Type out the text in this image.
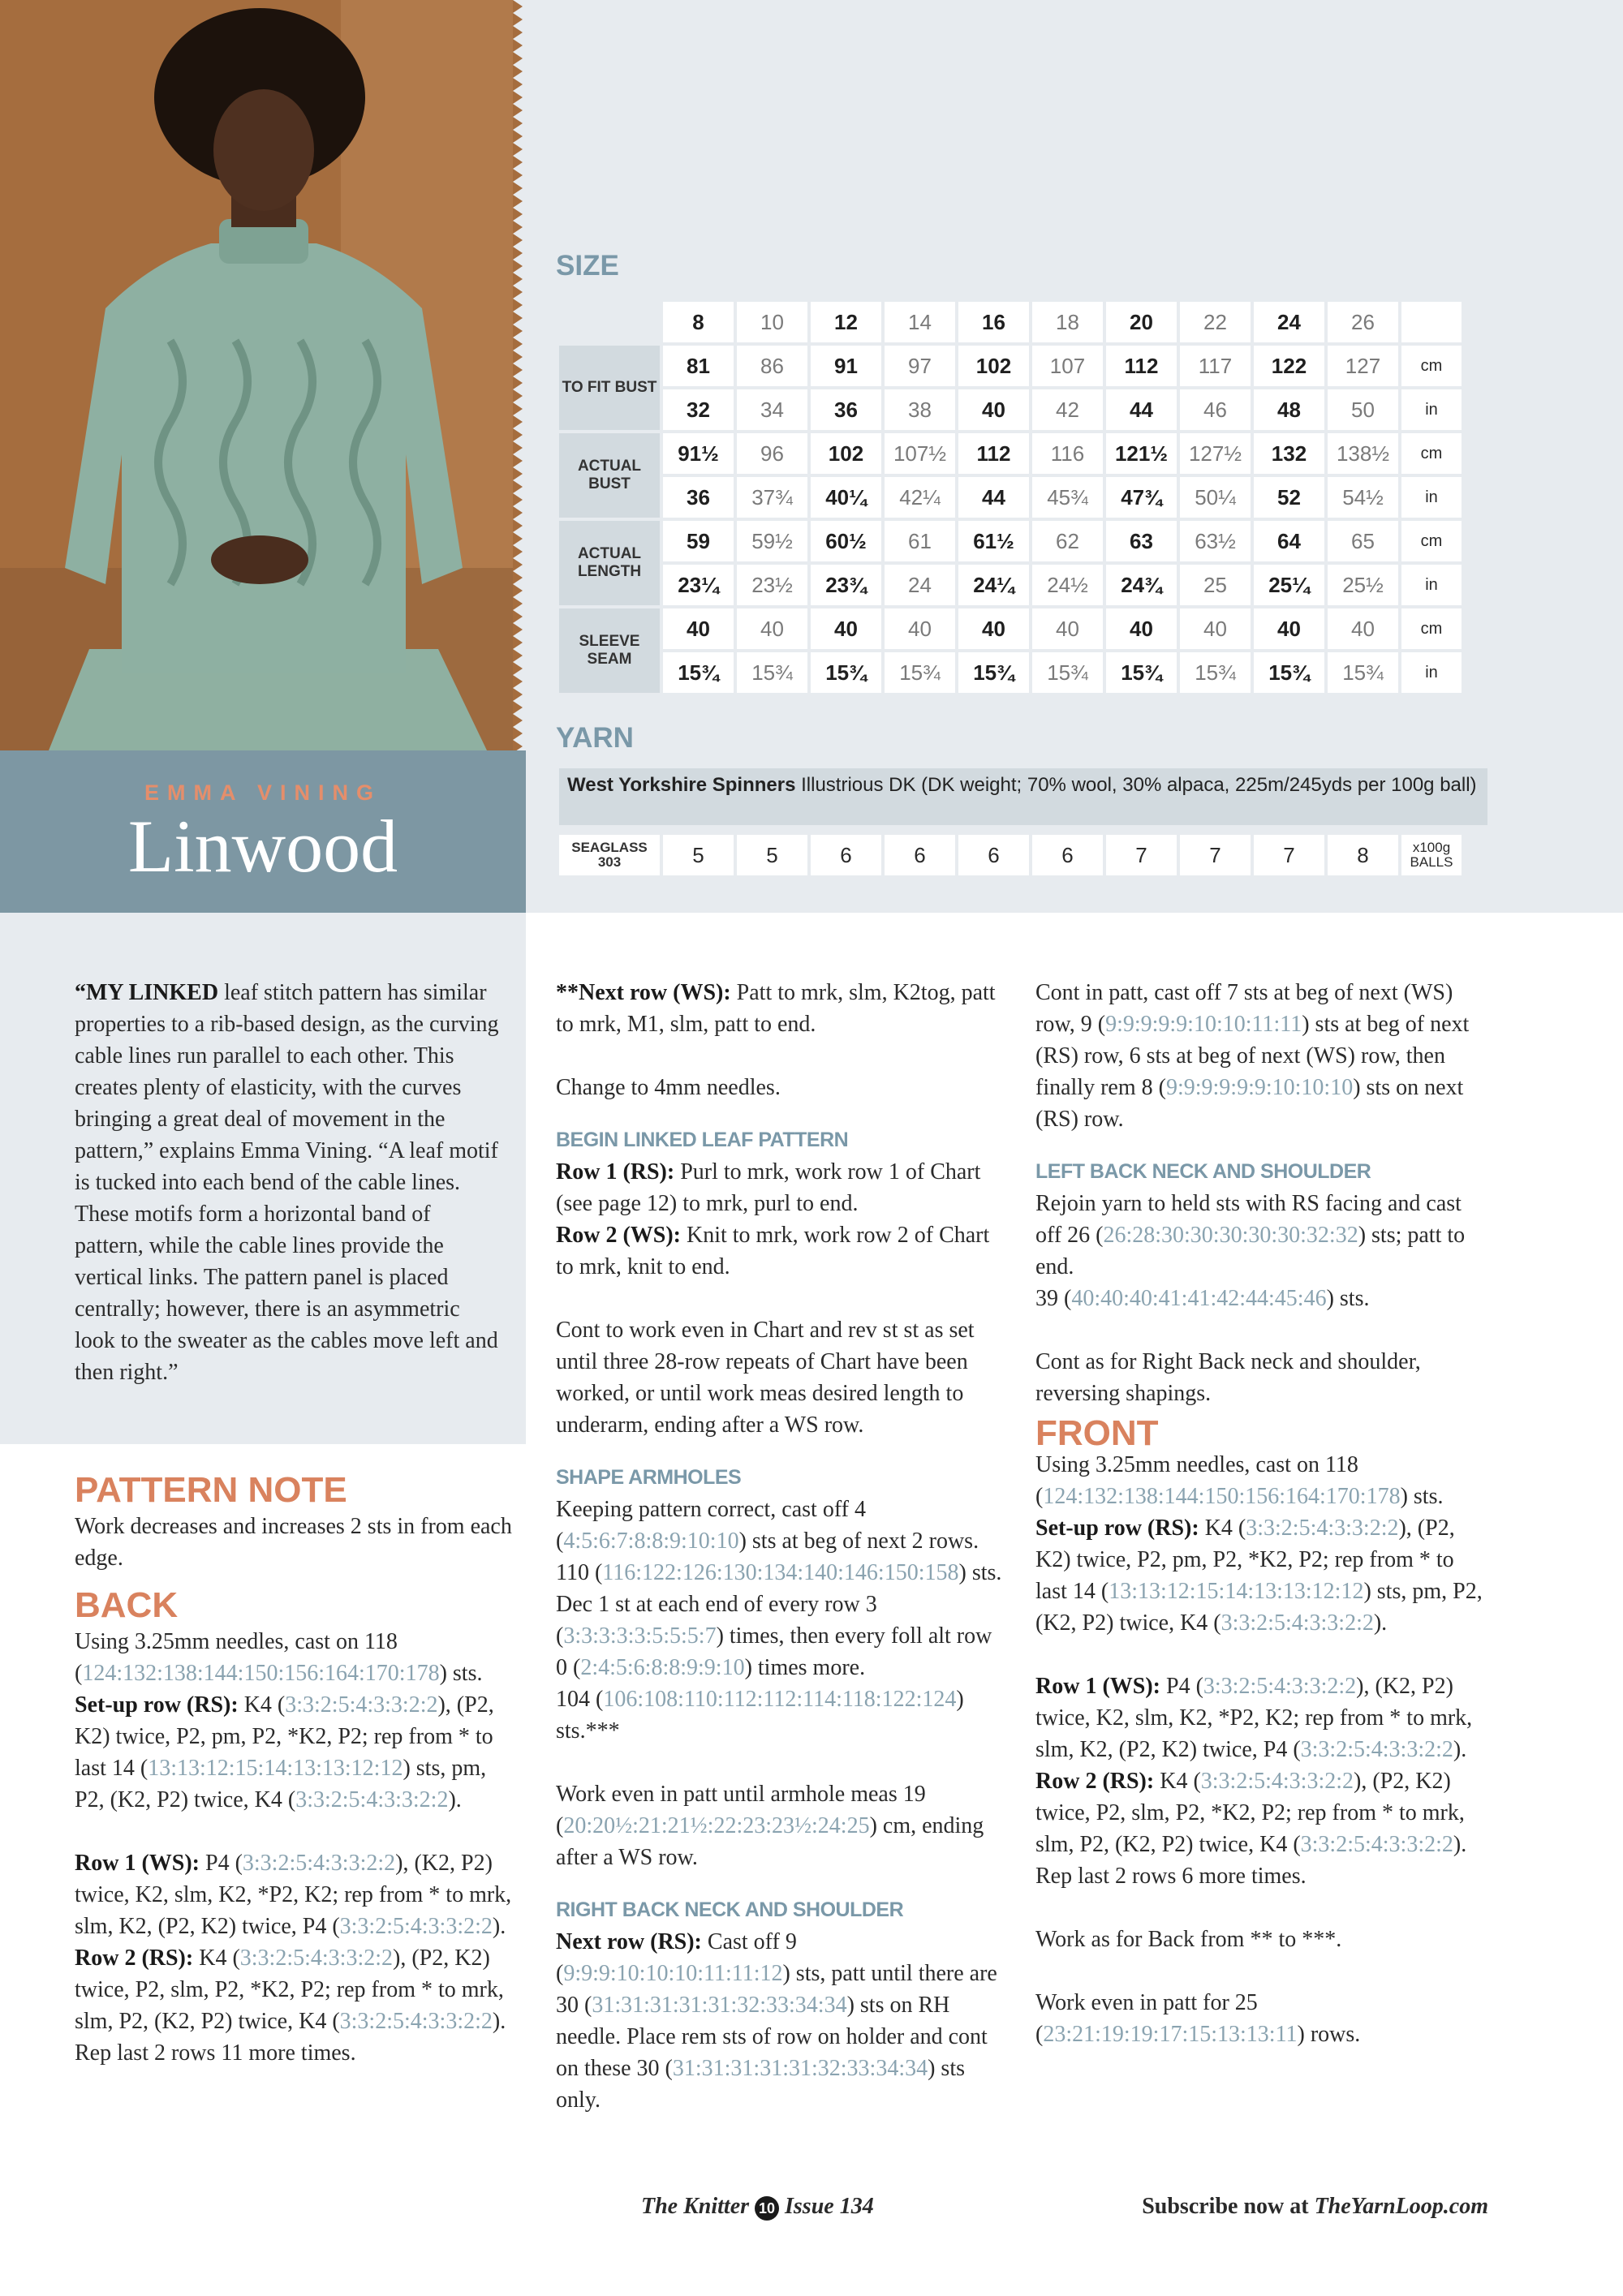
EMMA VINING
Linwood
SIZE
	8	10	12	14	16	18	20	22	24	26	
TO FIT BUST	81	86	91	97	102	107	112	117	122	127	cm
	32	34	36	38	40	42	44	46	48	50	in
ACTUAL BUST	91½	96	102	107½	112	116	121½	127½	132	138½	cm
	36	37¾	40¼	42¼	44	45¾	47¾	50¼	52	54½	in
ACTUAL LENGTH	59	59½	60½	61	61½	62	63	63½	64	65	cm
	23¼	23½	23¾	24	24¼	24½	24¾	25	25¼	25½	in
SLEEVE SEAM	40	40	40	40	40	40	40	40	40	40	cm
	15¾	15¾	15¾	15¾	15¾	15¾	15¾	15¾	15¾	15¾	in
YARN
West Yorkshire Spinners Illustrious DK (DK weight; 70% wool, 30% alpaca, 225m/245yds per 100g ball)
SEAGLASS 303	5	5	6	6	6	6	7	7	7	8	x100g BALLS
“MY LINKED leaf stitch pattern has similar properties to a rib-based design, as the curving cable lines run parallel to each other. This creates plenty of elasticity, with the curves bringing a great deal of movement in the pattern,” explains Emma Vining. “A leaf motif is tucked into each bend of the cable lines. These motifs form a horizontal band of pattern, while the cable lines provide the vertical links. The pattern panel is placed centrally; however, there is an asymmetric look to the sweater as the cables move left and then right.”
PATTERN NOTE
Work decreases and increases 2 sts in from each edge.
BACK

Using 3.25mm needles, cast on 118 (124:132:138:144:150:156:164:170:178) sts.

Set-up row (RS): K4 (3:3:2:5:4:3:3:2:2), (P2, K2) twice, P2, pm, P2, *K2, P2; rep from * to last 14 (13:13:12:15:14:13:13:12:12) sts, pm, P2, (K2, P2) twice, K4 (3:3:2:5:4:3:3:2:2).

Row 1 (WS): P4 (3:3:2:5:4:3:3:2:2), (K2, P2) twice, K2, slm, K2, *P2, K2; rep from * to mrk, slm, K2, (P2, K2) twice, P4 (3:3:2:5:4:3:3:2:2).

Row 2 (RS): K4 (3:3:2:5:4:3:3:2:2), (P2, K2) twice, P2, slm, P2, *K2, P2; rep from * to mrk, slm, P2, (K2, P2) twice, K4 (3:3:2:5:4:3:3:2:2).

Rep last 2 rows 11 more times.

**Next row (WS): Patt to mrk, slm, K2tog, patt to mrk, M1, slm, patt to end.

Change to 4mm needles.

BEGIN LINKED LEAF PATTERN

Row 1 (RS): Purl to mrk, work row 1 of Chart (see page 12) to mrk, purl to end.

Row 2 (WS): Knit to mrk, work row 2 of Chart to mrk, knit to end.

Cont to work even in Chart and rev st st as set until three 28-row repeats of Chart have been worked, or until work meas desired length to underarm, ending after a WS row.

SHAPE ARMHOLES

Keeping pattern correct, cast off 4 (4:5:6:7:8:8:9:10:10) sts at beg of next 2 rows.

110 (116:122:126:130:134:140:146:150:158) sts.

Dec 1 st at each end of every row 3 (3:3:3:3:3:5:5:5:7) times, then every foll alt row 0 (2:4:5:6:8:8:9:9:10) times more.

104 (106:108:110:112:112:114:118:122:124) sts.***

Work even in patt until armhole meas 19 (20:20½:21:21½:22:23:23½:24:25) cm, ending after a WS row.

RIGHT BACK NECK AND SHOULDER

Next row (RS): Cast off 9 (9:9:9:10:10:10:11:11:12) sts, patt until there are 30 (31:31:31:31:31:32:33:34:34) sts on RH needle. Place rem sts of row on holder and cont on these 30 (31:31:31:31:31:32:33:34:34) sts only.

Cont in patt, cast off 7 sts at beg of next (WS) row, 9 (9:9:9:9:9:10:10:11:11) sts at beg of next (RS) row, 6 sts at beg of next (WS) row, then finally rem 8 (9:9:9:9:9:9:10:10:10) sts on next (RS) row.

LEFT BACK NECK AND SHOULDER

Rejoin yarn to held sts with RS facing and cast off 26 (26:28:30:30:30:30:30:32:32) sts; patt to end.

39 (40:40:40:41:41:42:44:45:46) sts.

Cont as for Right Back neck and shoulder, reversing shapings.

FRONT

Using 3.25mm needles, cast on 118 (124:132:138:144:150:156:164:170:178) sts.

Set-up row (RS): K4 (3:3:2:5:4:3:3:2:2), (P2, K2) twice, P2, pm, P2, *K2, P2; rep from * to last 14 (13:13:12:15:14:13:13:12:12) sts, pm, P2, (K2, P2) twice, K4 (3:3:2:5:4:3:3:2:2).

Row 1 (WS): P4 (3:3:2:5:4:3:3:2:2), (K2, P2) twice, K2, slm, K2, *P2, K2; rep from * to mrk, slm, K2, (P2, K2) twice, P4 (3:3:2:5:4:3:3:2:2).

Row 2 (RS): K4 (3:3:2:5:4:3:3:2:2), (P2, K2) twice, P2, slm, P2, *K2, P2; rep from * to mrk, slm, P2, (K2, P2) twice, K4 (3:3:2:5:4:3:3:2:2).

Rep last 2 rows 6 more times.

Work as for Back from ** to ***.

Work even in patt for 25 (23:21:19:19:17:15:13:13:11) rows.

The Knitter 10 Issue 134	Subscribe now at TheYarnLoop.com
